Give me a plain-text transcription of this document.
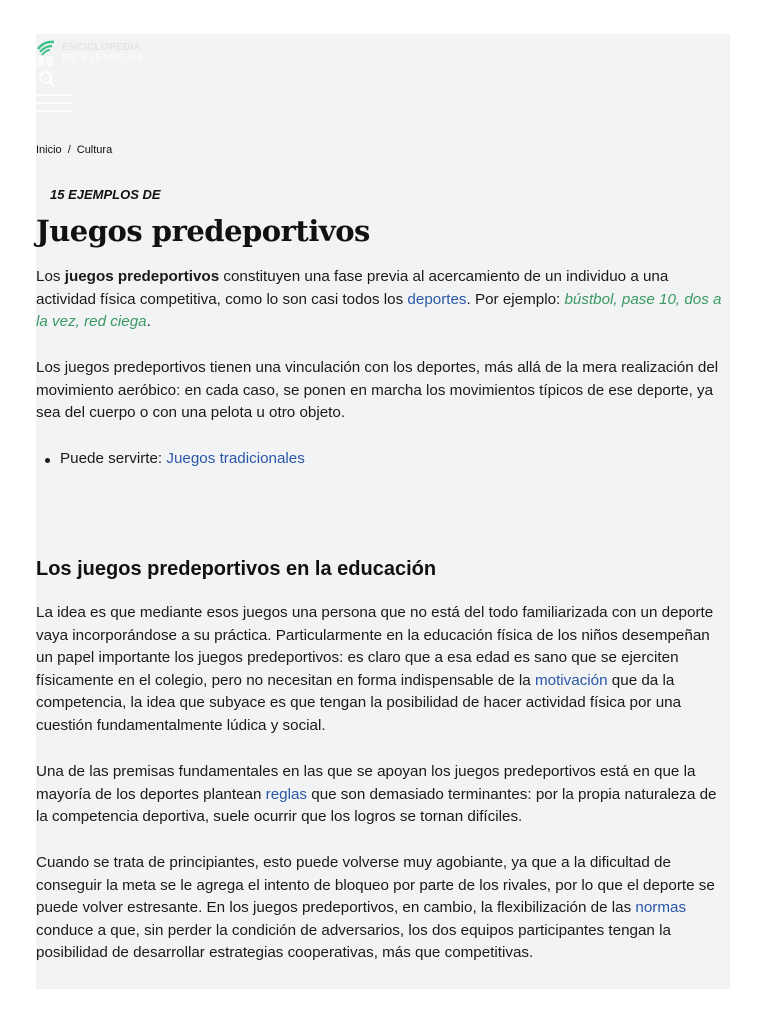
ENCICLOPEDIA
DE EJEMPLOS
Inicio / Cultura
15 EJEMPLOS DE
Juegos predeportivos

Los juegos predeportivos constituyen una fase previa al acercamiento de un individuo a una actividad física competitiva, como lo son casi todos los deportes. Por ejemplo: bústbol, pase 10, dos a la vez, red ciega.

Los juegos predeportivos tienen una vinculación con los deportes, más allá de la mera realización del movimiento aeróbico: en cada caso, se ponen en marcha los movimientos típicos de ese deporte, ya sea del cuerpo o con una pelota u otro objeto.

Puede servirte: Juegos tradicionales
Los juegos predeportivos en la educación

La idea es que mediante esos juegos una persona que no está del todo familiarizada con un deporte vaya incorporándose a su práctica. Particularmente en la educación física de los niños desempeñan un papel importante los juegos predeportivos: es claro que a esa edad es sano que se ejerciten físicamente en el colegio, pero no necesitan en forma indispensable de la motivación que da la competencia, la idea que subyace es que tengan la posibilidad de hacer actividad física por una cuestión fundamentalmente lúdica y social.

Una de las premisas fundamentales en las que se apoyan los juegos predeportivos está en que la mayoría de los deportes plantean reglas que son demasiado terminantes: por la propia naturaleza de la competencia deportiva, suele ocurrir que los logros se tornan difíciles.

Cuando se trata de principiantes, esto puede volverse muy agobiante, ya que a la dificultad de conseguir la meta se le agrega el intento de bloqueo por parte de los rivales, por lo que el deporte se puede volver estresante. En los juegos predeportivos, en cambio, la flexibilización de las normas conduce a que, sin perder la condición de adversarios, los dos equipos participantes tengan la posibilidad de desarrollar estrategias cooperativas, más que competitivas.
